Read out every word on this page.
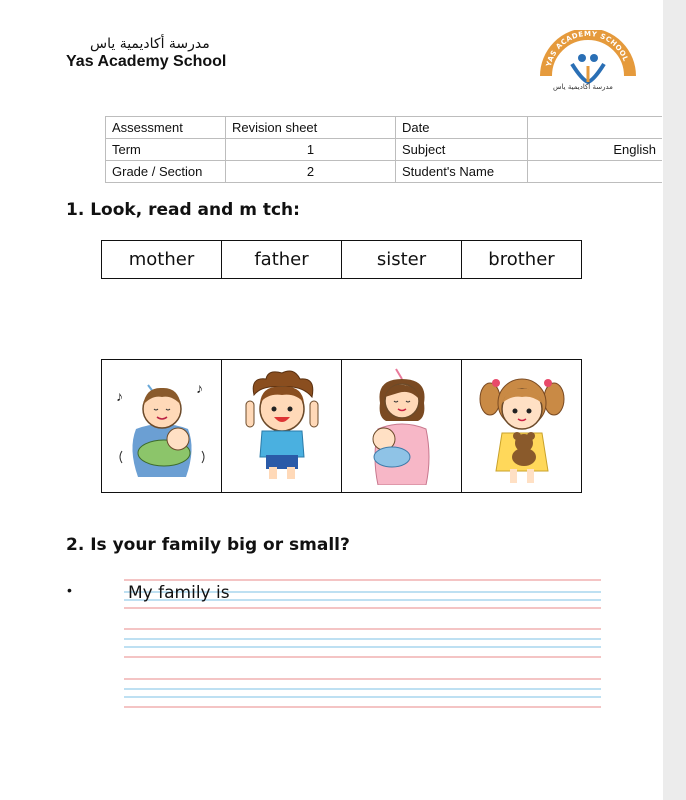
مدرسة أكاديمية ياس
Yas Academy School	YAS ACADEMY SCHOOL
مدرسة أكاديمية ياس
Assessment	Revision sheet	Date	
Term	1	Subject	English
Grade / Section	2	Student's Name	
1. Look, read and m tch:
mother	father	sister	brother
♪	♪
2. Is your family big or small?
•	My family is
